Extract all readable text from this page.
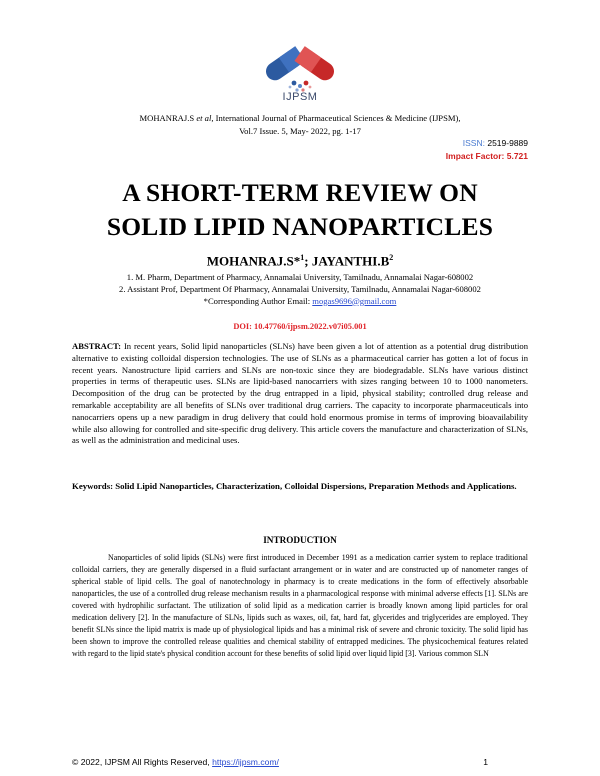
IJPSM
MOHANRAJ.S et al, International Journal of Pharmaceutical Sciences & Medicine (IJPSM),
Vol.7 Issue. 5, May- 2022, pg. 1-17
ISSN: 2519-9889
Impact Factor: 5.721
A SHORT-TERM REVIEW ON
SOLID LIPID NANOPARTICLES
MOHANRAJ.S*$^1$; $JAYANTHI.B^2$
1. M. Pharm, Department of Pharmacy, Annamalai University, Tamilnadu, Annamalai Nagar-608002
2. Assistant Prof, Department Of Pharmacy, Annamalai University, Tamilnadu, Annamalai Nagar-608002
*Corresponding Author Email: mogas9696@gmail.com
DOI: 10.47760/ijpsm.2022.v07i05.001
ABSTRACT: In recent years, Solid lipid nanoparticles (SLNs) have been given a lot of attention as a potential drug distribution alternative to existing colloidal dispersion technologies. The use of SLNs as a pharmaceutical carrier has gotten a lot of focus in recent years. Nanostructure lipid carriers and SLNs are non-toxic since they are biodegradable. SLNs have various distinct properties in terms of therapeutic uses. SLNs are lipid-based nanocarriers with sizes ranging between 10 to 1000 nanometers. Decomposition of the drug can be protected by the drug entrapped in a lipid, physical stability; controlled drug release and remarkable acceptability are all benefits of SLNs over traditional drug carriers. The capacity to incorporate pharmaceuticals into nanocarriers opens up a new paradigm in drug delivery that could hold enormous promise in terms of improving bioavailability while also allowing for controlled and site-specific drug delivery. This article covers the manufacture and characterization of SLNs, as well as the administration and medicinal uses.
Keywords: Solid Lipid Nanoparticles, Characterization, Colloidal Dispersions, Preparation Methods and Applications.
INTRODUCTION
Nanoparticles of solid lipids (SLNs) were first introduced in December 1991 as a medication carrier system to replace traditional colloidal carriers, they are generally dispersed in a fluid surfactant arrangement or in water and are constructed up of nanometer ranges of spherical stable of lipid cells. The goal of nanotechnology in pharmacy is to create medications in the form of effectively absorbable nanoparticles, the use of a controlled drug release mechanism results in a pharmacological response with minimal adverse effects [1]. SLNs are covered with hydrophilic surfactant. The utilization of solid lipid as a medication carrier is broadly known among lipid particles for oral medication delivery [2]. In the manufacture of SLNs, lipids such as waxes, oil, fat, hard fat, glycerides and triglycerides are employed. They benefit SLNs since the lipid matrix is made up of physiological lipids and has a minimal risk of severe and chronic toxicity. The solid lipid has been shown to improve the controlled release qualities and chemical stability of entrapped medicines. The physicochemical features related with regard to the lipid state's physical condition account for these benefits of solid lipid over liquid lipid [3]. Various common SLN
© 2022, IJPSM All Rights Reserved, https://ijpsm.com/	1
